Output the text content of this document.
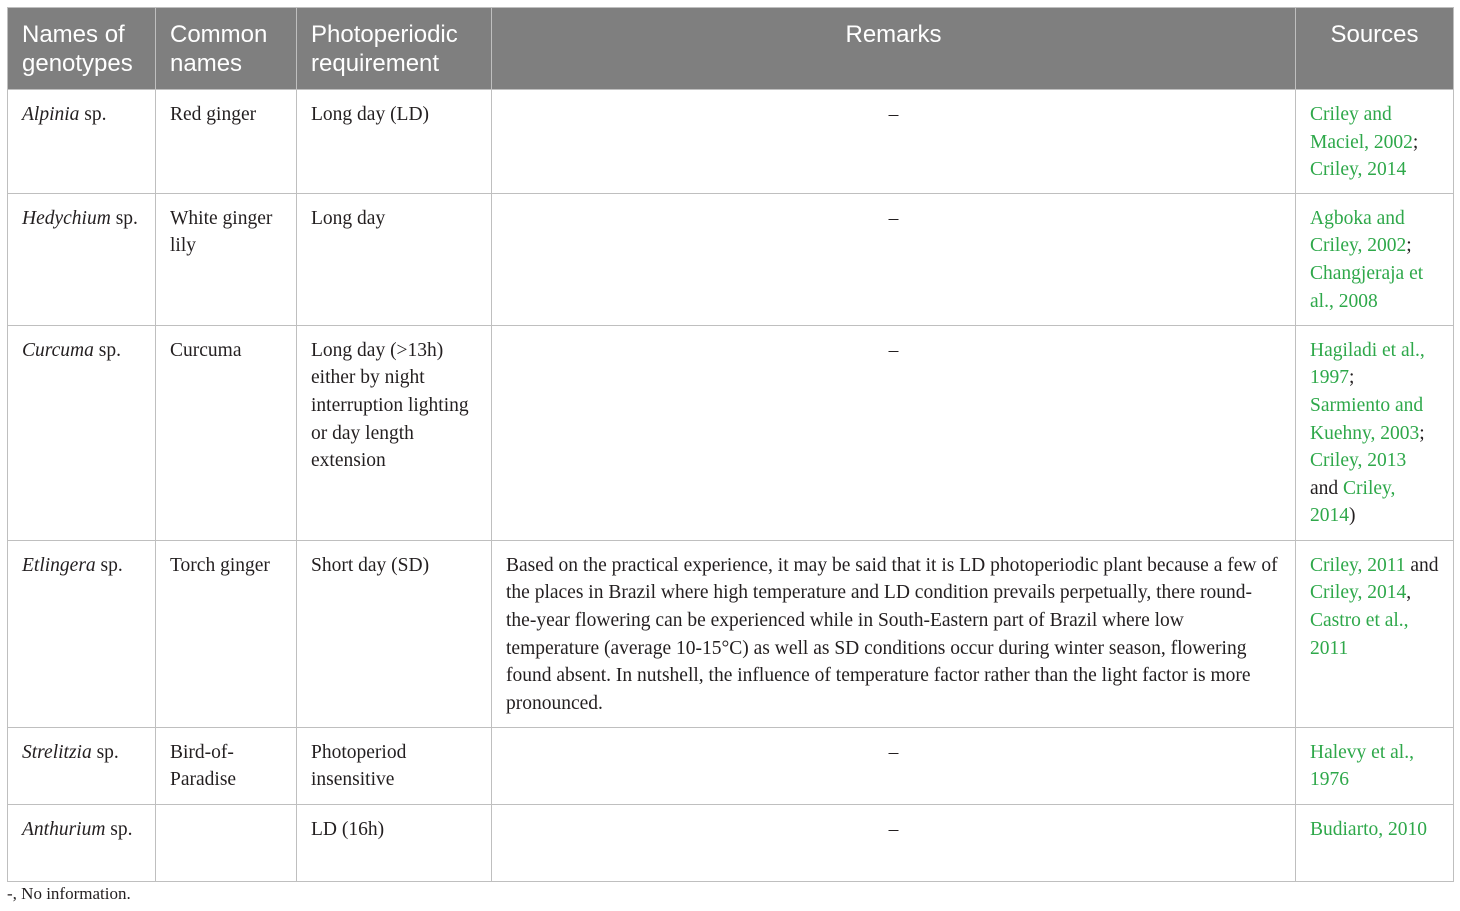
Names of genotypes	Common names	Photoperiodic requirement	Remarks	Sources
Alpinia sp.	Red ginger	Long day (LD)	–	Criley and Maciel, 2002; Criley, 2014
Hedychium sp.	White ginger lily	Long day	–	Agboka and Criley, 2002; Changjeraja et al., 2008
Curcuma sp.	Curcuma	Long day (>13h) either by night interruption lighting or day length extension	–	Hagiladi et al., 1997; Sarmiento and Kuehny, 2003; Criley, 2013 and Criley, 2014)
Etlingera sp.	Torch ginger	Short day (SD)	Based on the practical experience, it may be said that it is LD photoperiodic plant because a few of the places in Brazil where high temperature and LD condition prevails perpetually, there round-the-year flowering can be experienced while in South-Eastern part of Brazil where low temperature (average 10-15°C) as well as SD conditions occur during winter season, flowering found absent. In nutshell, the influence of temperature factor rather than the light factor is more pronounced.	Criley, 2011 and Criley, 2014, Castro et al., 2011
Strelitzia sp.	Bird-of-Paradise	Photoperiod insensitive	–	Halevy et al., 1976
Anthurium sp.		LD (16h)	–	Budiarto, 2010
-, No information.
